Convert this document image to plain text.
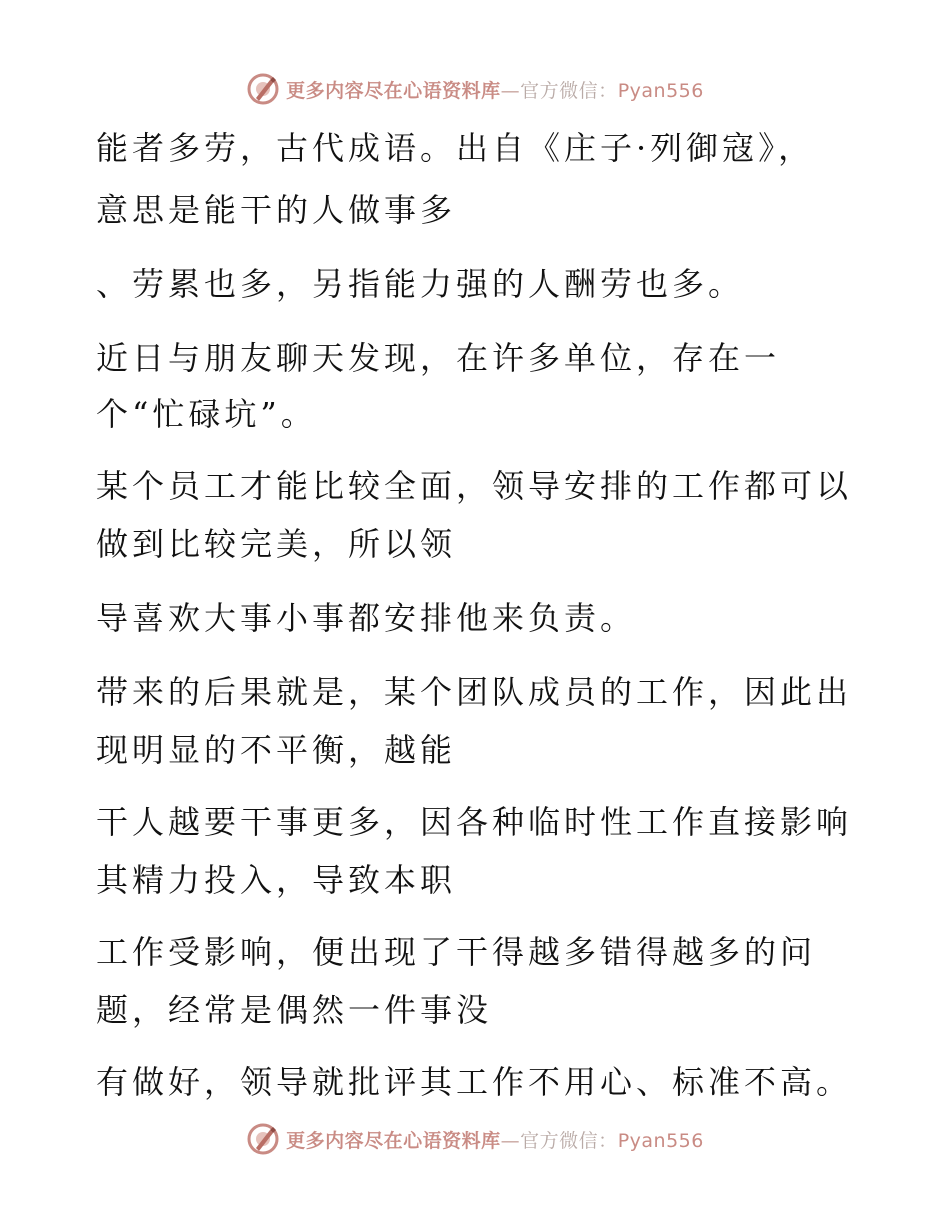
更多内容尽在心语资料库—官方微信：Pyan556
能者多劳，古代成语。出自《庄子·列御寇》，
意思是能干的人做事多
、劳累也多，另指能力强的人酬劳也多。
近日与朋友聊天发现，在许多单位，存在一
个“忙碌坑”。
某个员工才能比较全面，领导安排的工作都可以
做到比较完美，所以领
导喜欢大事小事都安排他来负责。
带来的后果就是，某个团队成员的工作，因此出
现明显的不平衡，越能
干人越要干事更多，因各种临时性工作直接影响
其精力投入，导致本职
工作受影响，便出现了干得越多错得越多的问
题，经常是偶然一件事没
有做好，领导就批评其工作不用心、标准不高。
更多内容尽在心语资料库—官方微信：Pyan556
